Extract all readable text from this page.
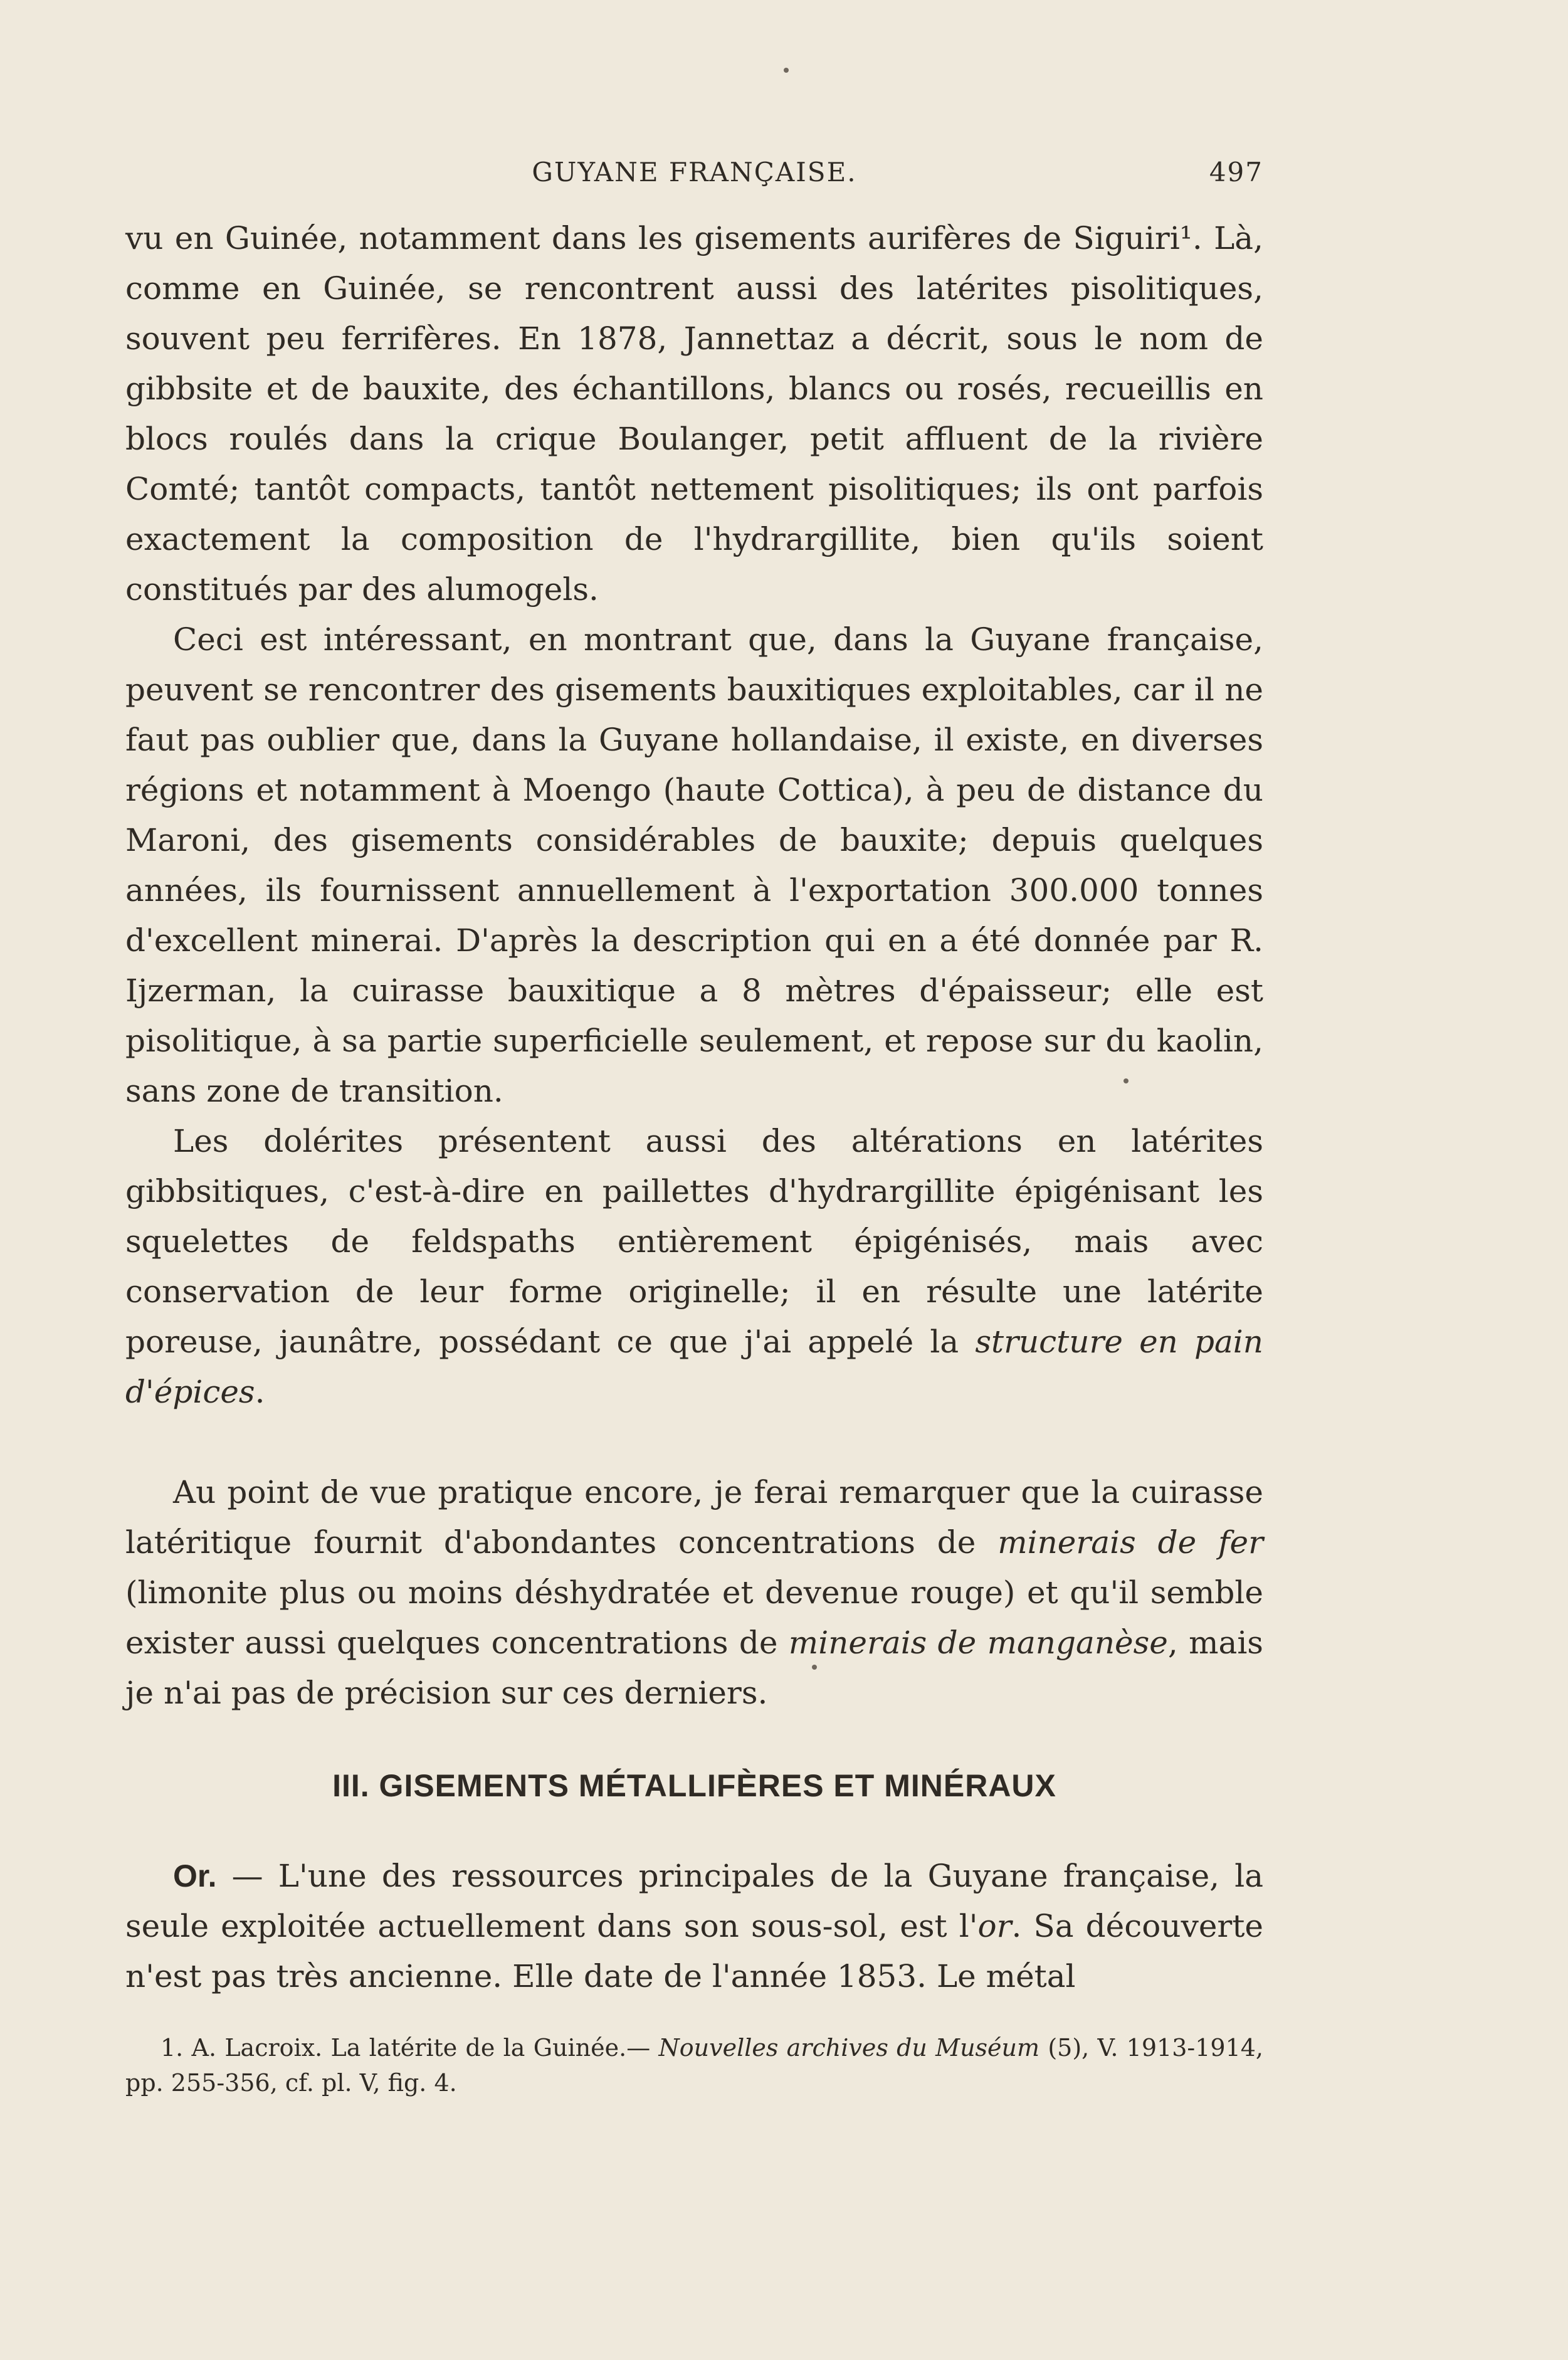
GUYANE FRANÇAISE.	497

vu en Guinée, notamment dans les gisements aurifères de Siguiri¹. Là, comme en Guinée, se rencontrent aussi des latérites pisolitiques, souvent peu ferrifères. En 1878, Jannettaz a décrit, sous le nom de gibbsite et de bauxite, des échantillons, blancs ou rosés, recueillis en blocs roulés dans la crique Boulanger, petit affluent de la rivière Comté; tantôt compacts, tantôt nettement pisolitiques; ils ont parfois exactement la composition de l'hydrargillite, bien qu'ils soient constitués par des alumogels.

Ceci est intéressant, en montrant que, dans la Guyane française, peuvent se rencontrer des gisements bauxitiques exploitables, car il ne faut pas oublier que, dans la Guyane hollandaise, il existe, en diverses régions et notamment à Moengo (haute Cottica), à peu de distance du Maroni, des gisements considérables de bauxite; depuis quelques années, ils fournissent annuellement à l'exportation 300.000 tonnes d'excellent minerai. D'après la description qui en a été donnée par R. Ijzerman, la cuirasse bauxitique a 8 mètres d'épaisseur; elle est pisolitique, à sa partie superficielle seulement, et repose sur du kaolin, sans zone de transition.

Les dolérites présentent aussi des altérations en latérites gibbsitiques, c'est-à-dire en paillettes d'hydrargillite épigénisant les squelettes de feldspaths entièrement épigénisés, mais avec conservation de leur forme originelle; il en résulte une latérite poreuse, jaunâtre, possédant ce que j'ai appelé la structure en pain d'épices.

Au point de vue pratique encore, je ferai remarquer que la cuirasse latéritique fournit d'abondantes concentrations de minerais de fer (limonite plus ou moins déshydratée et devenue rouge) et qu'il semble exister aussi quelques concentrations de minerais de manganèse, mais je n'ai pas de précision sur ces derniers.

III. GISEMENTS MÉTALLIFÈRES ET MINÉRAUX

Or. — L'une des ressources principales de la Guyane française, la seule exploitée actuellement dans son sous-sol, est l'or. Sa découverte n'est pas très ancienne. Elle date de l'année 1853. Le métal

1. A. Lacroix. La latérite de la Guinée.— Nouvelles archives du Muséum (5), V. 1913-1914, pp. 255-356, cf. pl. V, fig. 4.
